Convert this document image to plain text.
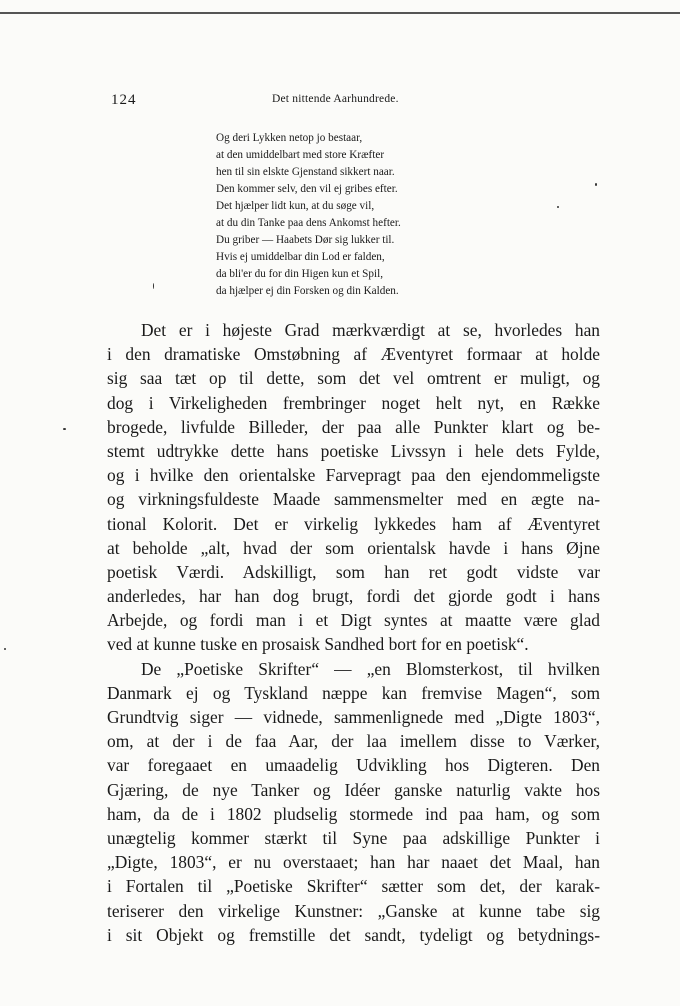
124	Det nittende Aarhundrede.
Og deri Lykken netop jo bestaar,
at den umiddelbart med store Kræfter
hen til sin elskte Gjenstand sikkert naar.
Den kommer selv, den vil ej gribes efter.
Det hjælper lidt kun, at du søge vil,
at du din Tanke paa dens Ankomst hefter.
Du griber — Haabets Dør sig lukker til.
Hvis ej umiddelbar din Lod er falden,
da bli'er du for din Higen kun et Spil,
da hjælper ej din Forsken og din Kalden.
Det er i højeste Grad mærkværdigt at se, hvorledes han
i den dramatiske Omstøbning af Æventyret formaar at holde
sig saa tæt op til dette, som det vel omtrent er muligt, og
dog i Virkeligheden frembringer noget helt nyt, en Række
brogede, livfulde Billeder, der paa alle Punkter klart og be-
stemt udtrykke dette hans poetiske Livssyn i hele dets Fylde,
og i hvilke den orientalske Farvepragt paa den ejendommeligste
og virkningsfuldeste Maade sammensmelter med en ægte na-
tional Kolorit. Det er virkelig lykkedes ham af Æventyret
at beholde „alt, hvad der som orientalsk havde i hans Øjne
poetisk Værdi. Adskilligt, som han ret godt vidste var
anderledes, har han dog brugt, fordi det gjorde godt i hans
Arbejde, og fordi man i et Digt syntes at maatte være glad
ved at kunne tuske en prosaisk Sandhed bort for en poetisk“.
De „Poetiske Skrifter“ — „en Blomsterkost, til hvilken
Danmark ej og Tyskland næppe kan fremvise Magen“, som
Grundtvig siger — vidnede, sammenlignede med „Digte 1803“,
om, at der i de faa Aar, der laa imellem disse to Værker,
var foregaaet en umaadelig Udvikling hos Digteren. Den
Gjæring, de nye Tanker og Idéer ganske naturlig vakte hos
ham, da de i 1802 pludselig stormede ind paa ham, og som
unægtelig kommer stærkt til Syne paa adskillige Punkter i
„Digte, 1803“, er nu overstaaet; han har naaet det Maal, han
i Fortalen til „Poetiske Skrifter“ sætter som det, der karak-
teriserer den virkelige Kunstner: „Ganske at kunne tabe sig
i sit Objekt og fremstille det sandt, tydeligt og betydnings-
